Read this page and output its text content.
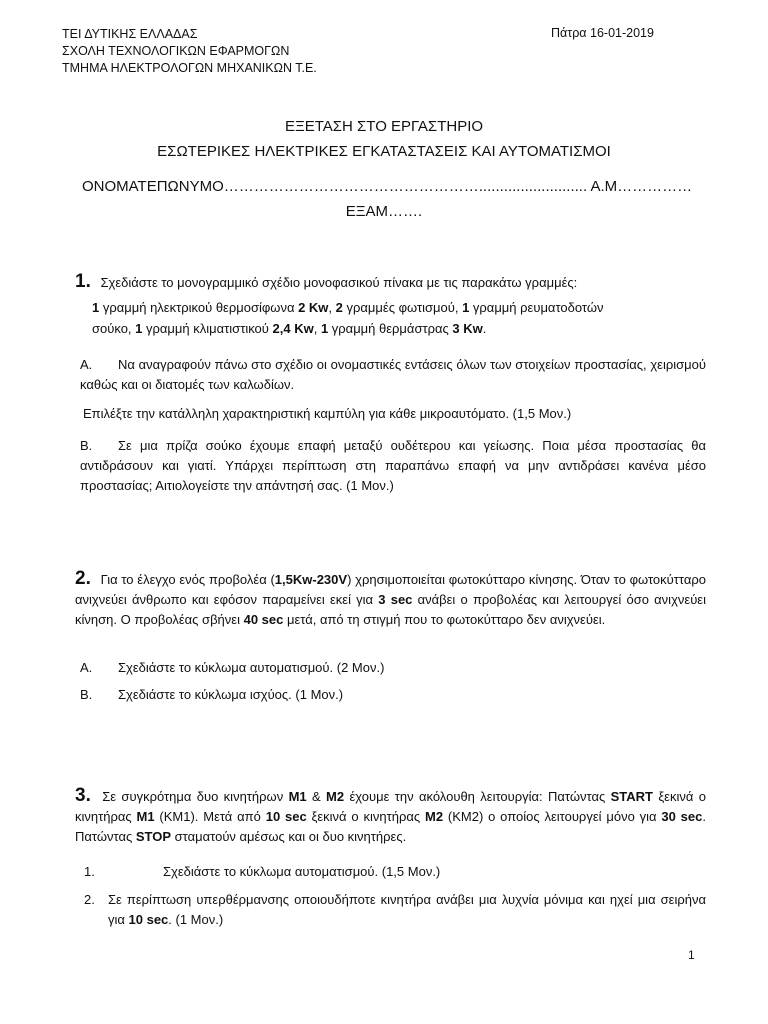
ΤΕΙ ΔΥΤΙΚΗΣ ΕΛΛΑΔΑΣ
ΣΧΟΛΗ ΤΕΧΝΟΛΟΓΙΚΩΝ ΕΦΑΡΜΟΓΩΝ
ΤΜΗΜΑ ΗΛΕΚΤΡΟΛΟΓΩΝ ΜΗΧΑΝΙΚΩΝ Τ.Ε.
Πάτρα 16-01-2019
ΕΞΕΤΑΣΗ ΣΤΟ ΕΡΓΑΣΤΗΡΙΟ
ΕΣΩΤΕΡΙΚΕΣ ΗΛΕΚΤΡΙΚΕΣ ΕΓΚΑΤΑΣΤΑΣΕΙΣ ΚΑΙ ΑΥΤΟΜΑΤΙΣΜΟΙ
ΟΝΟΜΑΤΕΠΩΝΥΜΟ…………………………………………….......................... Α.Μ……………
ΕΞΑΜ…….
1. Σχεδιάστε το μονογραμμικό σχέδιο μονοφασικού πίνακα με τις παρακάτω γραμμές:
1 γραμμή ηλεκτρικού θερμοσίφωνα 2 Kw, 2 γραμμές φωτισμού, 1 γραμμή ρευματοδοτών
σούκο, 1 γραμμή κλιματιστικού 2,4 Kw, 1 γραμμή θερμάστρας 3 Kw.
Α. Να αναγραφούν πάνω στο σχέδιο οι ονομαστικές εντάσεις όλων των στοιχείων προστασίας, χειρισμού καθώς και οι διατομές των καλωδίων.
Επιλέξτε την κατάλληλη χαρακτηριστική καμπύλη για κάθε μικροαυτόματο. (1,5 Μον.)
Β. Σε μια πρίζα σούκο έχουμε επαφή μεταξύ ουδέτερου και γείωσης. Ποια μέσα προστασίας θα αντιδράσουν και γιατί. Υπάρχει περίπτωση στη παραπάνω επαφή να μην αντιδράσει κανένα μέσο προστασίας; Αιτιολογείστε την απάντησή σας. (1 Μον.)
2. Για το έλεγχο ενός προβολέα (1,5Kw-230V) χρησιμοποιείται φωτοκύτταρο κίνησης. Όταν το φωτοκύτταρο ανιχνεύει άνθρωπο και εφόσον παραμείνει εκεί για 3 sec ανάβει ο προβολέας και λειτουργεί όσο ανιχνεύει κίνηση. Ο προβολέας σβήνει 40 sec μετά, από τη στιγμή που το φωτοκύτταρο δεν ανιχνεύει.
Α. Σχεδιάστε το κύκλωμα αυτοματισμού. (2 Μον.)
Β. Σχεδιάστε το κύκλωμα ισχύος. (1 Μον.)
3. Σε συγκρότημα δυο κινητήρων M1 & M2 έχουμε την ακόλουθη λειτουργία: Πατώντας START ξεκινά ο κινητήρας M1 (KM1). Μετά από 10 sec ξεκινά ο κινητήρας M2 (KM2) ο οποίος λειτουργεί μόνο για 30 sec. Πατώντας STOP σταματούν αμέσως και οι δυο κινητήρες.
1.	Σχεδιάστε το κύκλωμα αυτοματισμού. (1,5 Μον.)
2.	Σε περίπτωση υπερθέρμανσης οποιουδήποτε κινητήρα ανάβει μια λυχνία μόνιμα και ηχεί μια σειρήνα για 10 sec. (1 Μον.)
1
